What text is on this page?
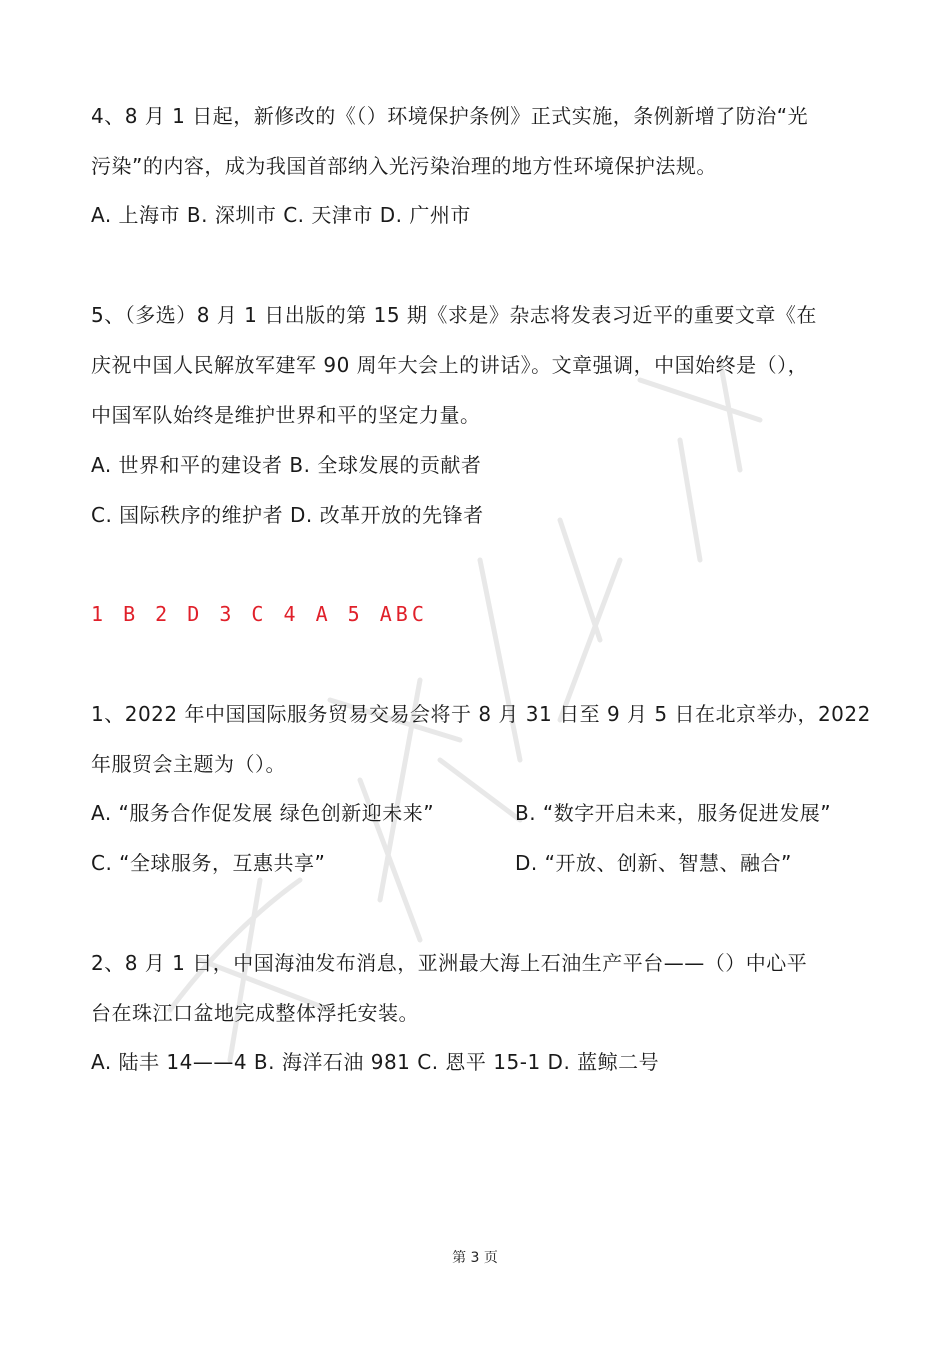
4、8 月 1 日起，新修改的《（）环境保护条例》正式实施，条例新增了防治“光
污染”的内容，成为我国首部纳入光污染治理的地方性环境保护法规。
A. 上海市 B. 深圳市 C. 天津市 D. 广州市
5、（多选）8 月 1 日出版的第 15 期《求是》杂志将发表习近平的重要文章《在
庆祝中国人民解放军建军 90 周年大会上的讲话》。文章强调，中国始终是（），
中国军队始终是维护世界和平的坚定力量。
A. 世界和平的建设者 B. 全球发展的贡献者
C. 国际秩序的维护者 D. 改革开放的先锋者
1 B 2 D 3 C 4 A 5 ABC
1、2022 年中国国际服务贸易交易会将于 8 月 31 日至 9 月 5 日在北京举办，2022
年服贸会主题为（）。
A. “服务合作促发展 绿色创新迎未来”	B. “数字开启未来，服务促进发展”
C. “全球服务，互惠共享”	D. “开放、创新、智慧、融合”
2、8 月 1 日，中国海油发布消息，亚洲最大海上石油生产平台——（）中心平
台在珠江口盆地完成整体浮托安装。
A. 陆丰 14——4 B. 海洋石油 981 C. 恩平 15-1 D. 蓝鲸二号
第 3 页
